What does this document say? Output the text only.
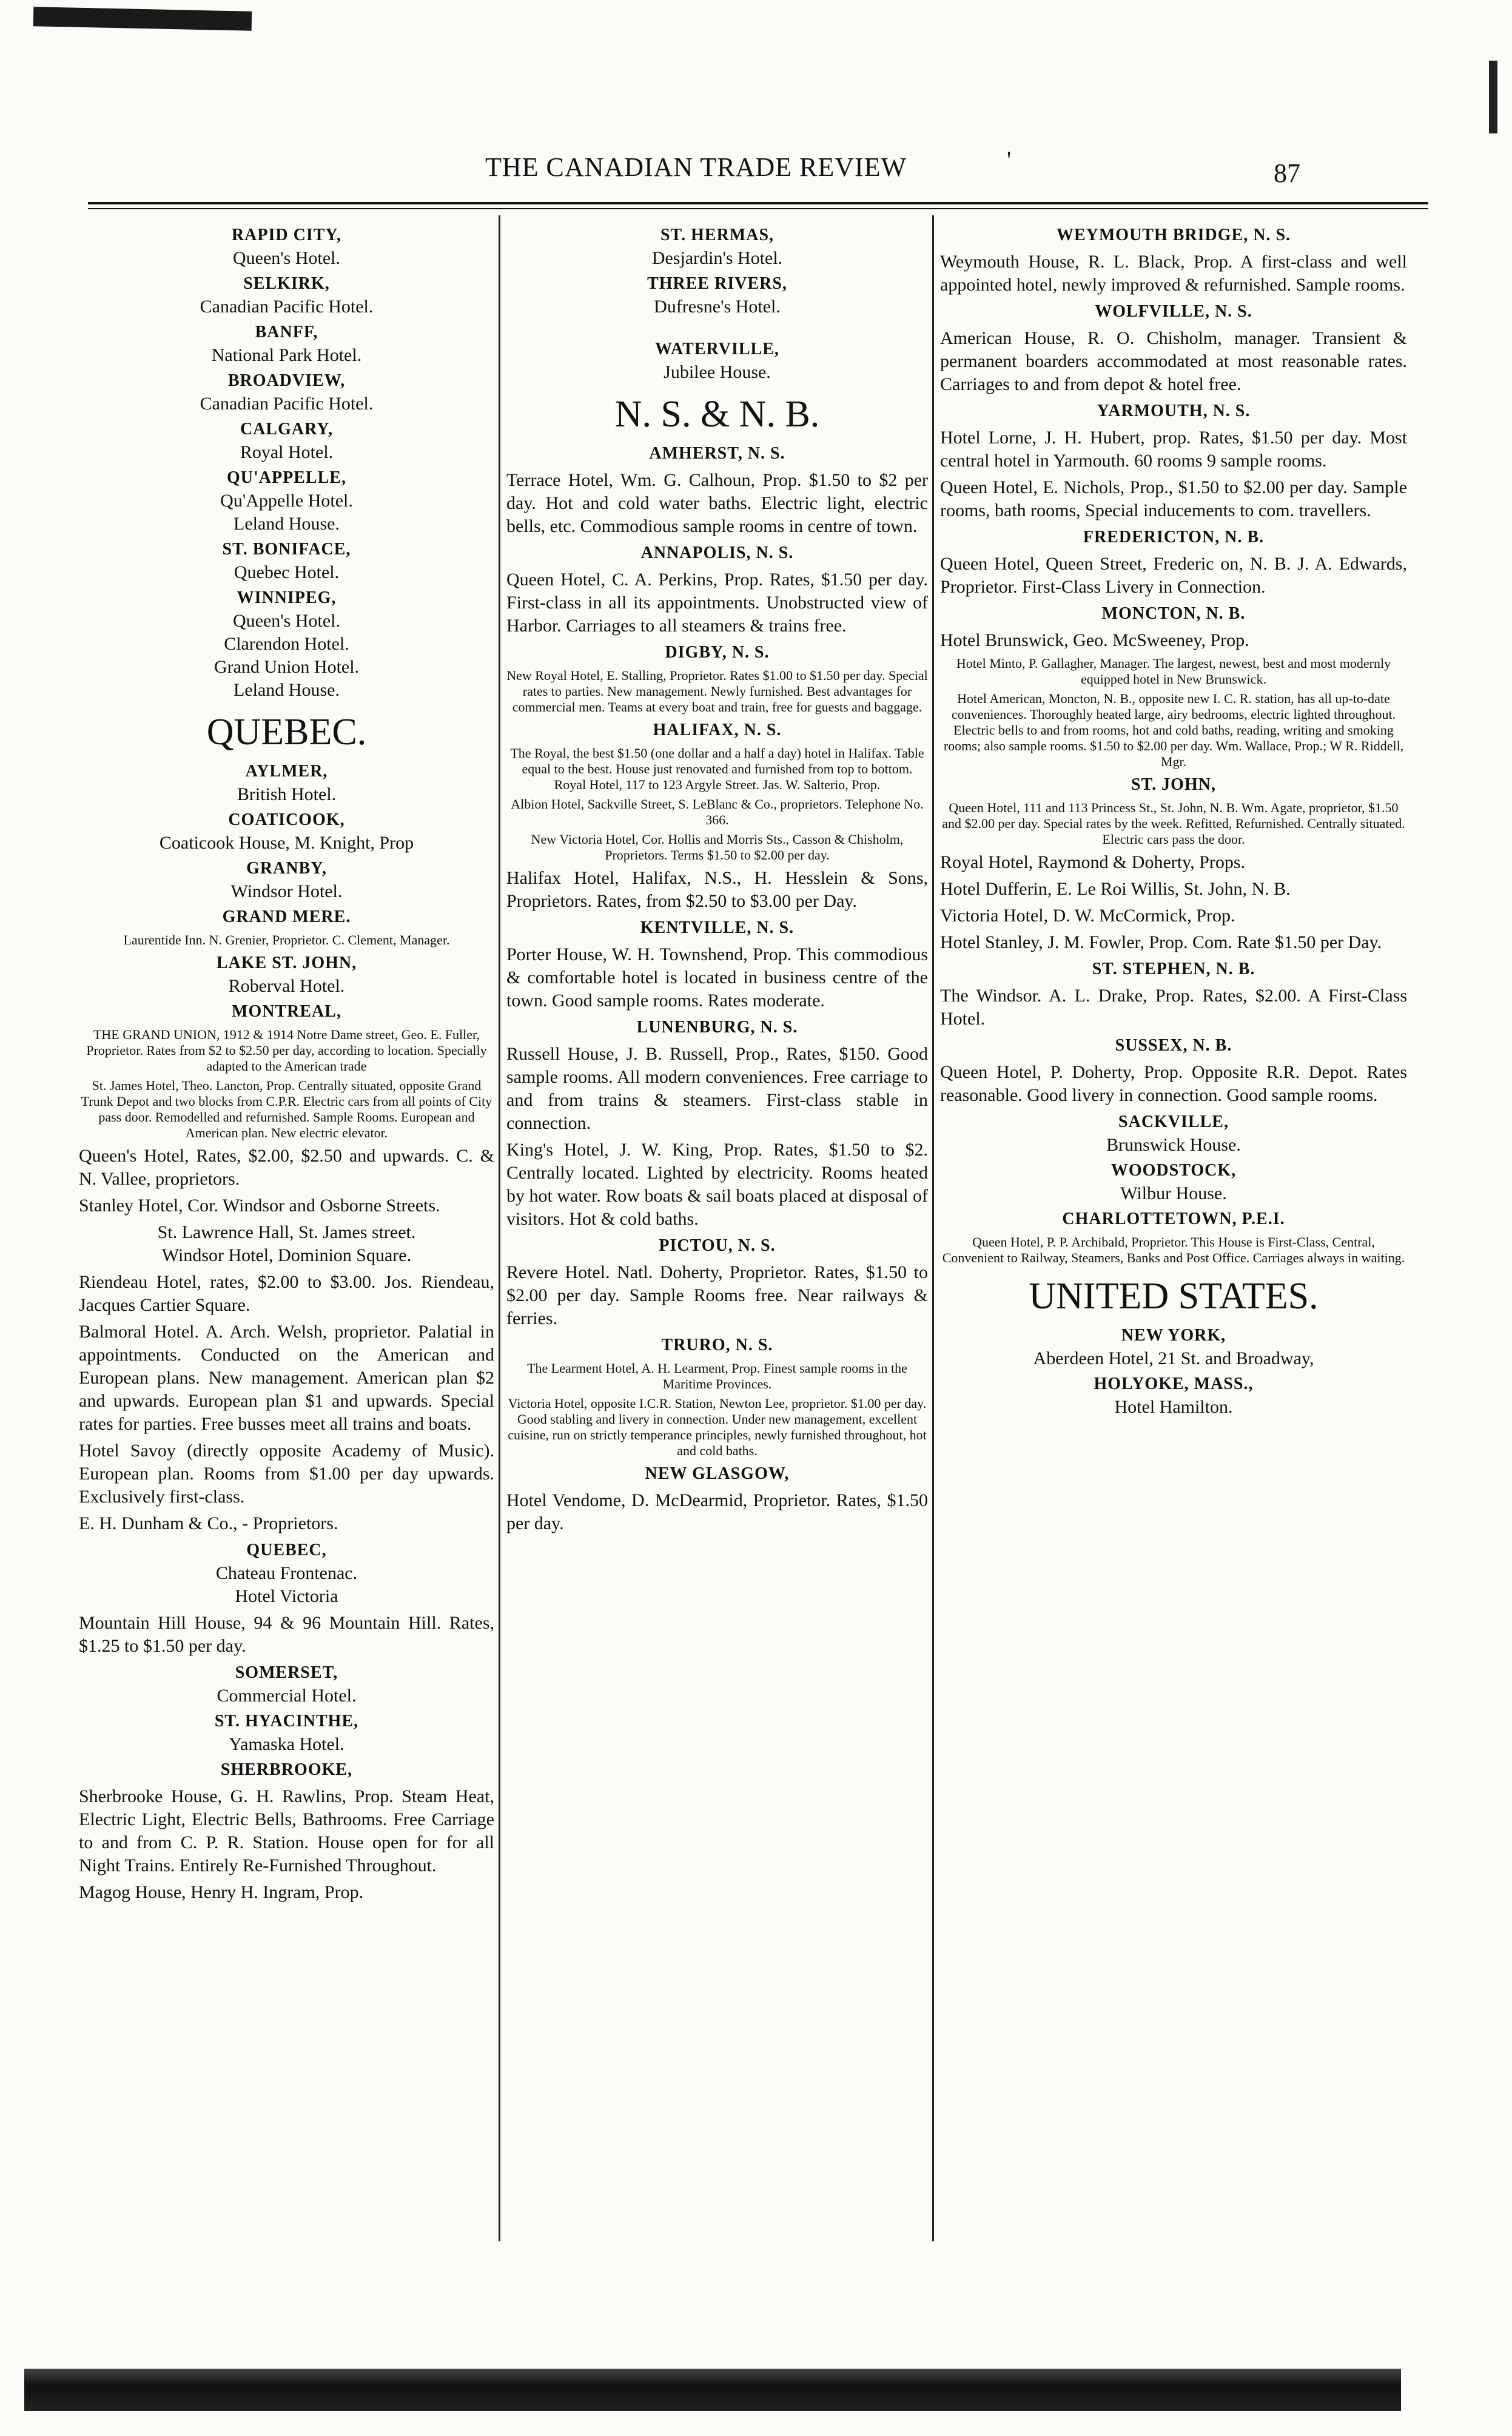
THE CANADIAN TRADE REVIEW	'	87
RAPID CITY,
Queen's Hotel.
SELKIRK,
Canadian Pacific Hotel.
BANFF,
National Park Hotel.
BROADVIEW,
Canadian Pacific Hotel.
CALGARY,
Royal Hotel.
QU'APPELLE,
Qu'Appelle Hotel.
Leland House.
ST. BONIFACE,
Quebec Hotel.
WINNIPEG,
Queen's Hotel.
Clarendon Hotel.
Grand Union Hotel.
Leland House.
QUEBEC.
AYLMER,
British Hotel.
COATICOOK,
Coaticook House, M. Knight, Prop
GRANBY,
Windsor Hotel.
GRAND MERE.
Laurentide Inn. N. Grenier, Proprietor. C. Clement, Manager.
LAKE ST. JOHN,
Roberval Hotel.
MONTREAL,
THE GRAND UNION, 1912 & 1914 Notre Dame street, Geo. E. Fuller, Proprietor. Rates from $2 to $2.50 per day, according to location. Specially adapted to the American trade
St. James Hotel, Theo. Lancton, Prop. Centrally situated, opposite Grand Trunk Depot and two blocks from C.P.R. Electric cars from all points of City pass door. Remodelled and refurnished. Sample Rooms. European and American plan. New electric elevator.
Queen's Hotel, Rates, $2.00, $2.50 and upwards. C. & N. Vallee, proprietors.
Stanley Hotel, Cor. Windsor and Osborne Streets.
St. Lawrence Hall, St. James street.
Windsor Hotel, Dominion Square.
Riendeau Hotel, rates, $2.00 to $3.00. Jos. Riendeau, Jacques Cartier Square.
Balmoral Hotel. A. Arch. Welsh, proprietor. Palatial in appointments. Conducted on the American and European plans. New management. American plan $2 and upwards. European plan $1 and upwards. Special rates for parties. Free busses meet all trains and boats.
Hotel Savoy (directly opposite Academy of Music). European plan. Rooms from $1.00 per day upwards. Exclusively first-class.
E. H. Dunham & Co., - Proprietors.
QUEBEC,
Chateau Frontenac.
Hotel Victoria
Mountain Hill House, 94 & 96 Mountain Hill. Rates, $1.25 to $1.50 per day.
SOMERSET,
Commercial Hotel.
ST. HYACINTHE,
Yamaska Hotel.
SHERBROOKE,
Sherbrooke House, G. H. Rawlins, Prop. Steam Heat, Electric Light, Electric Bells, Bathrooms. Free Carriage to and from C. P. R. Station. House open for for all Night Trains. Entirely Re-Furnished Throughout.
Magog House, Henry H. Ingram, Prop.
ST. HERMAS,
Desjardin's Hotel.
THREE RIVERS,
Dufresne's Hotel.
WATERVILLE,
Jubilee House.
N. S. & N. B.
AMHERST, N. S.
Terrace Hotel, Wm. G. Calhoun, Prop. $1.50 to $2 per day. Hot and cold water baths. Electric light, electric bells, etc. Commodious sample rooms in centre of town.
ANNAPOLIS, N. S.
Queen Hotel, C. A. Perkins, Prop. Rates, $1.50 per day. First-class in all its appointments. Unobstructed view of Harbor. Carriages to all steamers & trains free.
DIGBY, N. S.
New Royal Hotel, E. Stalling, Proprietor. Rates $1.00 to $1.50 per day. Special rates to parties. New management. Newly furnished. Best advantages for commercial men. Teams at every boat and train, free for guests and baggage.
HALIFAX, N. S.
The Royal, the best $1.50 (one dollar and a half a day) hotel in Halifax. Table equal to the best. House just renovated and furnished from top to bottom. Royal Hotel, 117 to 123 Argyle Street. Jas. W. Salterio, Prop.
Albion Hotel, Sackville Street, S. LeBlanc & Co., proprietors. Telephone No. 366.
New Victoria Hotel, Cor. Hollis and Morris Sts., Casson & Chisholm, Proprietors. Terms $1.50 to $2.00 per day.
Halifax Hotel, Halifax, N.S., H. Hesslein & Sons, Proprietors. Rates, from $2.50 to $3.00 per Day.
KENTVILLE, N. S.
Porter House, W. H. Townshend, Prop. This commodious & comfortable hotel is located in business centre of the town. Good sample rooms. Rates moderate.
LUNENBURG, N. S.
Russell House, J. B. Russell, Prop., Rates, $150. Good sample rooms. All modern conveniences. Free carriage to and from trains & steamers. First-class stable in connection.
King's Hotel, J. W. King, Prop. Rates, $1.50 to $2. Centrally located. Lighted by electricity. Rooms heated by hot water. Row boats & sail boats placed at disposal of visitors. Hot & cold baths.
PICTOU, N. S.
Revere Hotel. Natl. Doherty, Proprietor. Rates, $1.50 to $2.00 per day. Sample Rooms free. Near railways & ferries.
TRURO, N. S.
The Learment Hotel, A. H. Learment, Prop. Finest sample rooms in the Maritime Provinces.
Victoria Hotel, opposite I.C.R. Station, Newton Lee, proprietor. $1.00 per day. Good stabling and livery in connection. Under new management, excellent cuisine, run on strictly temperance principles, newly furnished throughout, hot and cold baths.
NEW GLASGOW,
Hotel Vendome, D. McDearmid, Proprietor. Rates, $1.50 per day.
WEYMOUTH BRIDGE, N. S.
Weymouth House, R. L. Black, Prop. A first-class and well appointed hotel, newly improved & refurnished. Sample rooms.
WOLFVILLE, N. S.
American House, R. O. Chisholm, manager. Transient & permanent boarders accommodated at most reasonable rates. Carriages to and from depot & hotel free.
YARMOUTH, N. S.
Hotel Lorne, J. H. Hubert, prop. Rates, $1.50 per day. Most central hotel in Yarmouth. 60 rooms 9 sample rooms.
Queen Hotel, E. Nichols, Prop., $1.50 to $2.00 per day. Sample rooms, bath rooms, Special inducements to com. travellers.
FREDERICTON, N. B.
Queen Hotel, Queen Street, Frederic on, N. B. J. A. Edwards, Proprietor. First-Class Livery in Connection.
MONCTON, N. B.
Hotel Brunswick, Geo. McSweeney, Prop.
Hotel Minto, P. Gallagher, Manager. The largest, newest, best and most modernly equipped hotel in New Brunswick.
Hotel American, Moncton, N. B., opposite new I. C. R. station, has all up-to-date conveniences. Thoroughly heated large, airy bedrooms, electric lighted throughout. Electric bells to and from rooms, hot and cold baths, reading, writing and smoking rooms; also sample rooms. $1.50 to $2.00 per day. Wm. Wallace, Prop.; W R. Riddell, Mgr.
ST. JOHN,
Queen Hotel, 111 and 113 Princess St., St. John, N. B. Wm. Agate, proprietor, $1.50 and $2.00 per day. Special rates by the week. Refitted, Refurnished. Centrally situated. Electric cars pass the door.
Royal Hotel, Raymond & Doherty, Props.
Hotel Dufferin, E. Le Roi Willis, St. John, N. B.
Victoria Hotel, D. W. McCormick, Prop.
Hotel Stanley, J. M. Fowler, Prop. Com. Rate $1.50 per Day.
ST. STEPHEN, N. B.
The Windsor. A. L. Drake, Prop. Rates, $2.00. A First-Class Hotel.
SUSSEX, N. B.
Queen Hotel, P. Doherty, Prop. Opposite R.R. Depot. Rates reasonable. Good livery in connection. Good sample rooms.
SACKVILLE,
Brunswick House.
WOODSTOCK,
Wilbur House.
CHARLOTTETOWN, P.E.I.
Queen Hotel, P. P. Archibald, Proprietor. This House is First-Class, Central, Convenient to Railway, Steamers, Banks and Post Office. Carriages always in waiting.
UNITED STATES.
NEW YORK,
Aberdeen Hotel, 21 St. and Broadway,
HOLYOKE, MASS.,
Hotel Hamilton.
